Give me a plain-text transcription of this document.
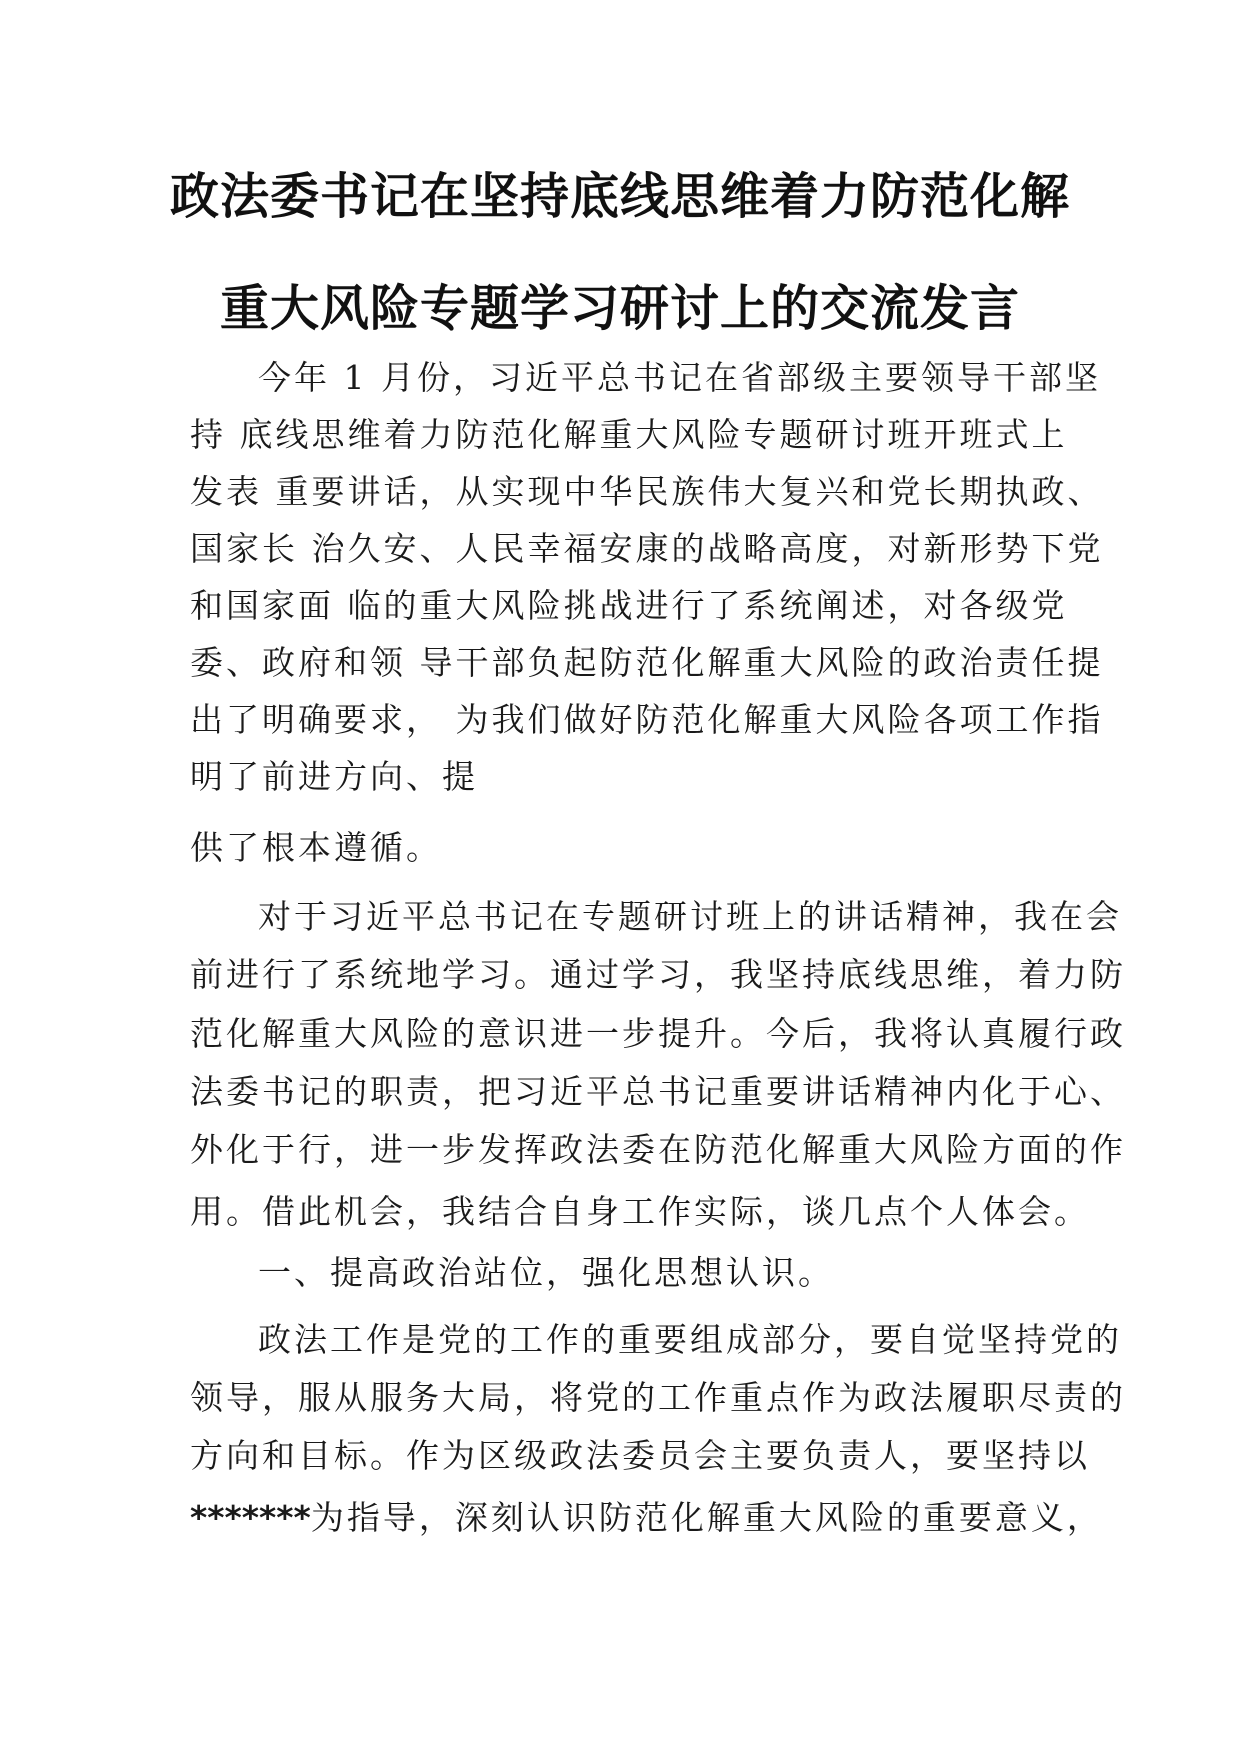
政法委书记在坚持底线思维着力防范化解
重大风险专题学习研讨上的交流发言
今年 1 月份，习近平总书记在省部级主要领导干部坚
持 底线思维着力防范化解重大风险专题研讨班开班式上
发表 重要讲话，从实现中华民族伟大复兴和党长期执政、
国家长 治久安、人民幸福安康的战略高度，对新形势下党
和国家面 临的重大风险挑战进行了系统阐述，对各级党
委、政府和领 导干部负起防范化解重大风险的政治责任提
出了明确要求， 为我们做好防范化解重大风险各项工作指
明了前进方向、提
供了根本遵循。
对于习近平总书记在专题研讨班上的讲话精神，我在会
前进行了系统地学习。通过学习，我坚持底线思维，着力防
范化解重大风险的意识进一步提升。今后，我将认真履行政
法委书记的职责，把习近平总书记重要讲话精神内化于心、
外化于行，进一步发挥政法委在防范化解重大风险方面的作
用。借此机会，我结合自身工作实际，谈几点个人体会。
一、提高政治站位，强化思想认识。
政法工作是党的工作的重要组成部分，要自觉坚持党的
领导，服从服务大局，将党的工作重点作为政法履职尽责的
方向和目标。作为区级政法委员会主要负责人，要坚持以
*******为指导，深刻认识防范化解重大风险的重要意义，
